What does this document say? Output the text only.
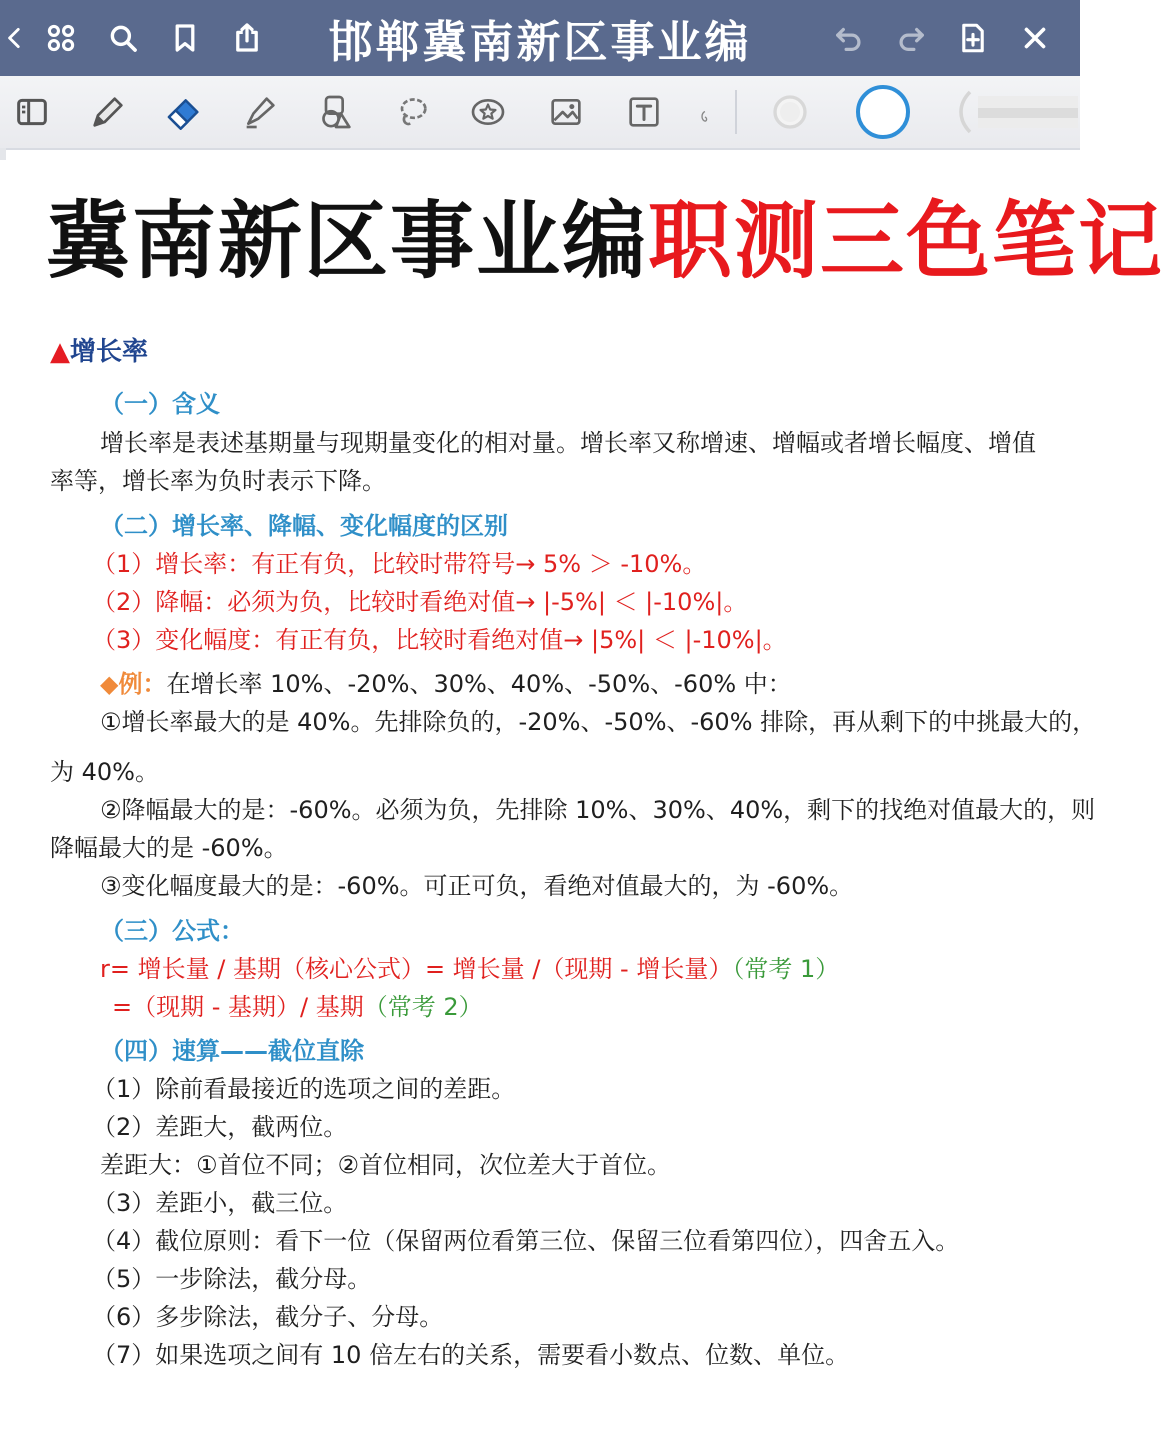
邯郸冀南新区事业编
冀南新区事业编职测三色笔记
▲增长率
（一）含义
增长率是表述基期量与现期量变化的相对量。增长率又称增速、增幅或者增长幅度、增值
率等，增长率为负时表示下降。
（二）增长率、降幅、变化幅度的区别
（1）增长率：有正有负，比较时带符号→ 5% ＞ -10%。
（2）降幅：必须为负，比较时看绝对值→ |-5%| ＜ |-10%|。
（3）变化幅度：有正有负，比较时看绝对值→ |5%| ＜ |-10%|。
◆例：在增长率 10%、-20%、30%、40%、-50%、-60% 中：
①增长率最大的是 40%。先排除负的，-20%、-50%、-60% 排除，再从剩下的中挑最大的，
为 40%。
②降幅最大的是：-60%。必须为负，先排除 10%、30%、40%，剩下的找绝对值最大的，则
降幅最大的是 -60%。
③变化幅度最大的是：-60%。可正可负，看绝对值最大的，为 -60%。
（三）公式：
r= 增长量 / 基期（核心公式）= 增长量 /（现期 - 增长量）（常考 1）
=（现期 - 基期）/ 基期（常考 2）
（四）速算——截位直除
（1）除前看最接近的选项之间的差距。
（2）差距大，截两位。
差距大：①首位不同；②首位相同，次位差大于首位。
（3）差距小，截三位。
（4）截位原则：看下一位（保留两位看第三位、保留三位看第四位），四舍五入。
（5）一步除法，截分母。
（6）多步除法，截分子、分母。
（7）如果选项之间有 10 倍左右的关系，需要看小数点、位数、单位。
